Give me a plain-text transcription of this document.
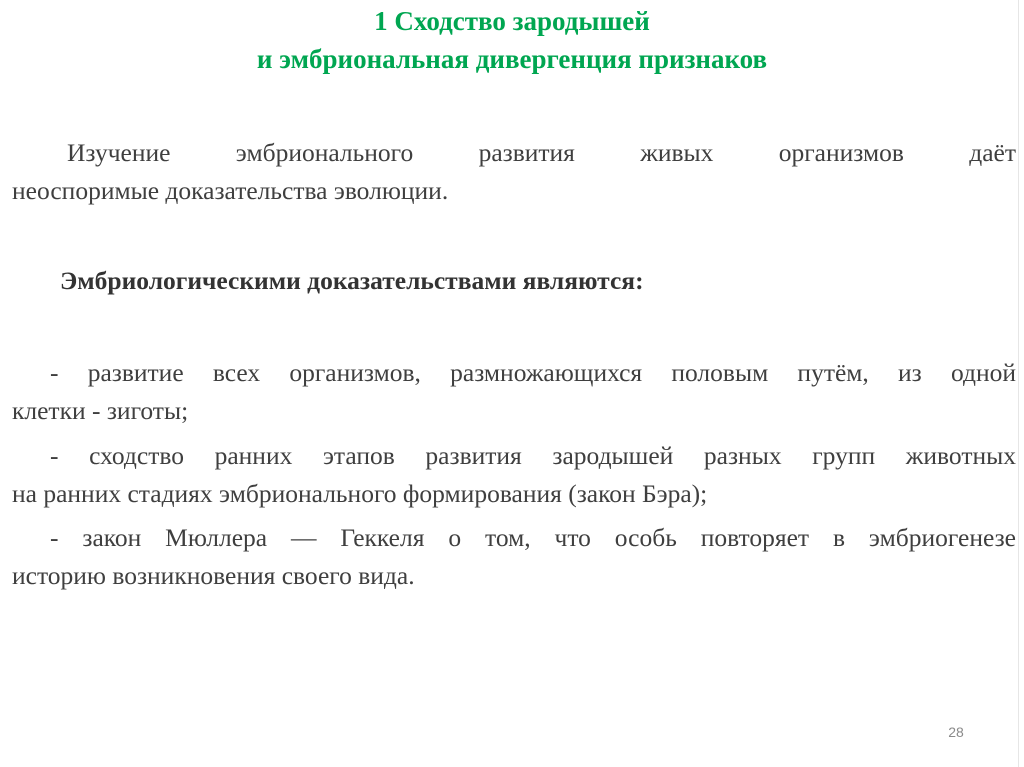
1 Сходство зародышей
и эмбриональная дивергенция признаков
Изучение эмбрионального развития живых организмов даёт
неоспоримые доказательства эволюции.
Эмбриологическими доказательствами являются:
- развитие всех организмов, размножающихся половым путём, из одной
клетки - зиготы;
- сходство ранних этапов развития зародышей разных групп животных
на ранних стадиях эмбрионального формирования (закон Бэра);
- закон Мюллера — Геккеля о том, что особь повторяет в эмбриогенезе
историю возникновения своего вида.
28
